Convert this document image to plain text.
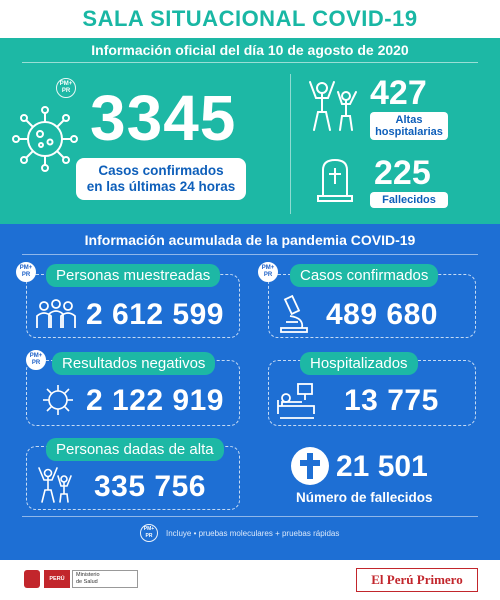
SALA SITUACIONAL COVID-19
Información oficial del día 10 de agosto de 2020
PM+
PR 3345
Casos confirmados
en las últimas 24 horas
427
Altas
hospitalarias
225
Fallecidos
Información acumulada de la pandemia COVID-19
PM+
PR	Personas muestreadas
2 612 599
PM+
PR	Casos confirmados
489 680
PM+
PR	Resultados negativos
2 122 919
Hospitalizados
13 775
Personas dadas de alta
335 756
21 501
Número de fallecidos
PM+
PR Incluye • pruebas moleculares + pruebas rápidas
PERÚ
Ministerio
de Salud	El Perú Primero
